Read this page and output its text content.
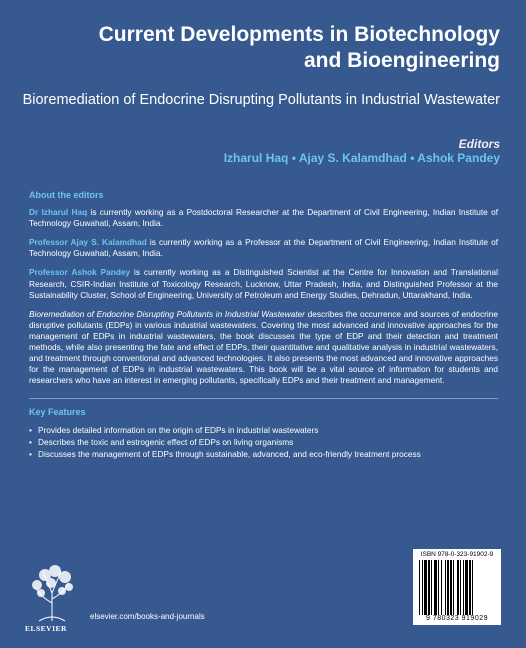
Current Developments in Biotechnology and Bioengineering
Bioremediation of Endocrine Disrupting Pollutants in Industrial Wastewater
Editors
Izharul Haq • Ajay S. Kalamdhad • Ashok Pandey
About the editors

Dr Izharul Haq is currently working as a Postdoctoral Researcher at the Department of Civil Engineering, Indian Institute of Technology Guwahati, Assam, India.

Professor Ajay S. Kalamdhad is currently working as a Professor at the Department of Civil Engineering, Indian Institute of Technology Guwahati, Assam, India.

Professor Ashok Pandey is currently working as a Distinguished Scientist at the Centre for Innovation and Translational Research, CSIR-Indian Institute of Toxicology Research, Lucknow, Uttar Pradesh, India, and Distinguished Professor at the Sustainability Cluster, School of Engineering, University of Petroleum and Energy Studies, Dehradun, Uttarakhand, India.

Bioremediation of Endocrine Disrupting Pollutants in Industrial Wastewater describes the occurrence and sources of endocrine disruptive pollutants (EDPs) in various industrial wastewaters. Covering the most advanced and innovative approaches for the management of EDPs in industrial wastewaters, the book discusses the type of EDP and their detection and treatment methods, while also presenting the fate and effect of EDPs, their quantitative and qualitative analysis in industrial wastewaters, and treatment through conventional and advanced technologies. It also presents the most advanced and innovative approaches for the management of EDPs in industrial wastewaters. This book will be a vital source of information for students and researchers who have an interest in emerging pollutants, specifically EDPs and their treatment and management.

Key Features
• Provides detailed information on the origin of EDPs in industrial wastewaters
• Describes the toxic and estrogenic effect of EDPs on living organisms
• Discusses the management of EDPs through sustainable, advanced, and eco-friendly treatment process
ELSEVIER
elsevier.com/books-and-journals
ISBN 978-0-323-91902-9
9 780323 919029
